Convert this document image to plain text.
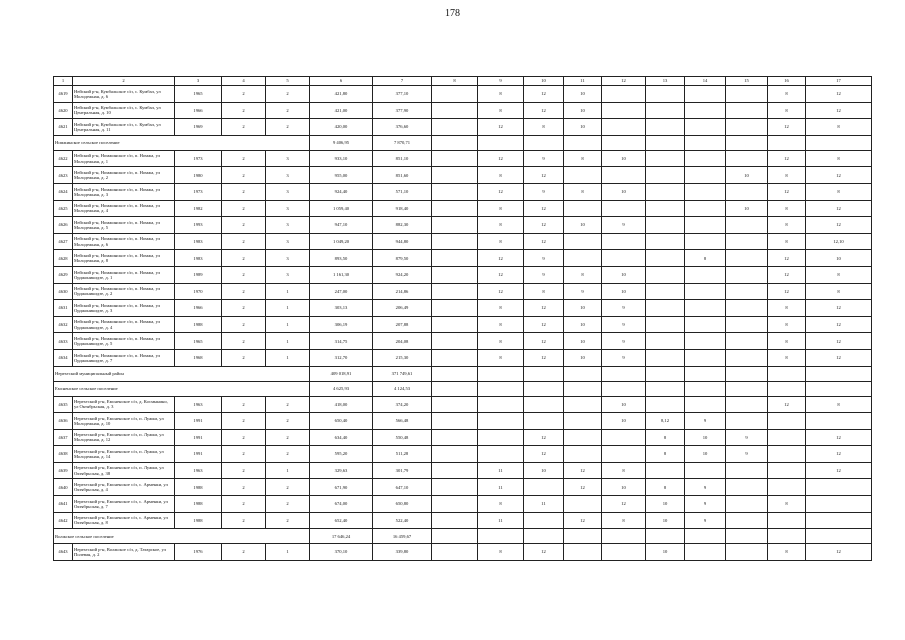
178
1	2	3	4	5	6	7	8	9	10	11	12	13	14	15	16	17
4619	Нейский р-н, Кумбальское с/п, с. Кумбал, ул Молодежная, д. 6	1965	2	2	421,80	377,10		8	12	10					8	12
4620	Нейский р-н, Кумбальское с/п, с. Кумбал, ул Центральная, д. 10	1966	2	2	421,00	377,90		8	12	10					8	12
4621	Нейский р-н, Кумбальское с/п, с. Кумбал, ул Центральная, д. 11	1969	2	2	420,00	376,60		12	8	10					12	8
Номжинское сельское поселение					9 406,95	7 870,71										
4622	Нейский р-н, Номжинское с/п, п. Номжа, ул Молодежная, д. 1	1973	2	3	933,10	851,10		12	9	8	10				12	8
4623	Нейский р-н, Номжинское с/п, п. Номжа, ул Молодежная, д. 2	1980	2	3	955,00	851,60		8	12					10	8	12
4624	Нейский р-н, Номжинское с/п, п. Номжа, ул Молодежная, д. 3	1973	2	3	924,40	571,10		12	9	8	10				12	8
4625	Нейский р-н, Номжинское с/п, п. Номжа, ул Молодежная, д. 4	1982	2	3	1 059,40	918,40		8	12					10	8	12
4626	Нейский р-н, Номжинское с/п, п. Номжа, ул Молодежная, д. 5	1993	2	3	947,10	882,30		8	12	10	9				8	12
4627	Нейский р-н, Номжинское с/п, п. Номжа, ул Молодежная, д. 6	1983	2	3	1 049,20	944,80		8	12						8	12,10
4628	Нейский р-н, Номжинское с/п, п. Номжа, ул Молодежная, д. 8	1983	2	3	893,50	879,50		12	9				8		12	10
4629	Нейский р-н, Номжинское с/п, п. Номжа, ул Орджоникидзе, д. 1	1989	2	3	1 161,30	924,20		12	9	8	10				12	8
4630	Нейский р-н, Номжинское с/п, п. Номжа, ул Орджоникидзе, д. 2	1970	2	1	247,00	214,86		12	8	9	10				12	8
4631	Нейский р-н, Номжинское с/п, п. Номжа, ул Орджоникидзе, д. 3	1966	2	1	303,13	206,49		8	12	10	9				8	12
4632	Нейский р-н, Номжинское с/п, п. Номжа, ул Орджоникидзе, д. 4	1988	2	1	306,19	207,88		8	12	10	9				8	12
4633	Нейский р-н, Номжинское с/п, п. Номжа, ул Орджоникидзе, д. 5	1965	2	1	314,75	204,08		8	12	10	9				8	12
4634	Нейский р-н, Номжинское с/п, п. Номжа, ул Орджоникидзе, д. 7	1968	2	1	312,70	215,30		8	12	10	9				8	12
Нерехтский муниципальный район					409 018,91	371 749,61										
Емсненское сельское поселение					4 625,93	4 124,53										
4635	Нерехтский р-н, Емсненское с/п, д. Космынино, ул Октябрьская, д. 3	1963	2	2	418,00	374,20					10				12	8
4636	Нерехтский р-н, Емсненское с/п, п. Лужки, ул Молодежная, д. 10	1991	2	2	650,40	566,48					10	8,12	9			
4637	Нерехтский р-н, Емсненское с/п, п. Лужки, ул Молодежная, д. 12	1991	2	2	634,40	550,48			12			8	10	9		12
4638	Нерехтский р-н, Емсненское с/п, п. Лужки, ул Молодежная, д. 14	1991	2	2	595,20	511,28			12			8	10	9		12
4639	Нерехтский р-н, Емсненское с/п, п. Лужки, ул Октябрьская, д. 38	1963	2	1	329,63	301,79		11	10	12	8					12
4640	Нерехтский р-н, Емсненское с/п, с. Арменки, ул Октябрьская, д. 4	1988	2	2	671,90	647,10		11		12	10	8	9			
4641	Нерехтский р-н, Емсненское с/п, с. Арменки, ул Октябрьская, д. 7	1988	2	2	674,00	650,80		8	11		12	10	9		8	
4642	Нерехтский р-н, Емсненское с/п, с. Арменки, ул Октябрьская, д. 8	1988	2	2	652,40	522,40		11		12	8	10	9			
Волжское сельское поселение					17 646,24	16 459,67										
4643	Нерехтский р-н, Волжское с/п, д. Татарское, ул Полевая, д. 2	1976	2	1	370,10	339,80		8	12			10			8	12
